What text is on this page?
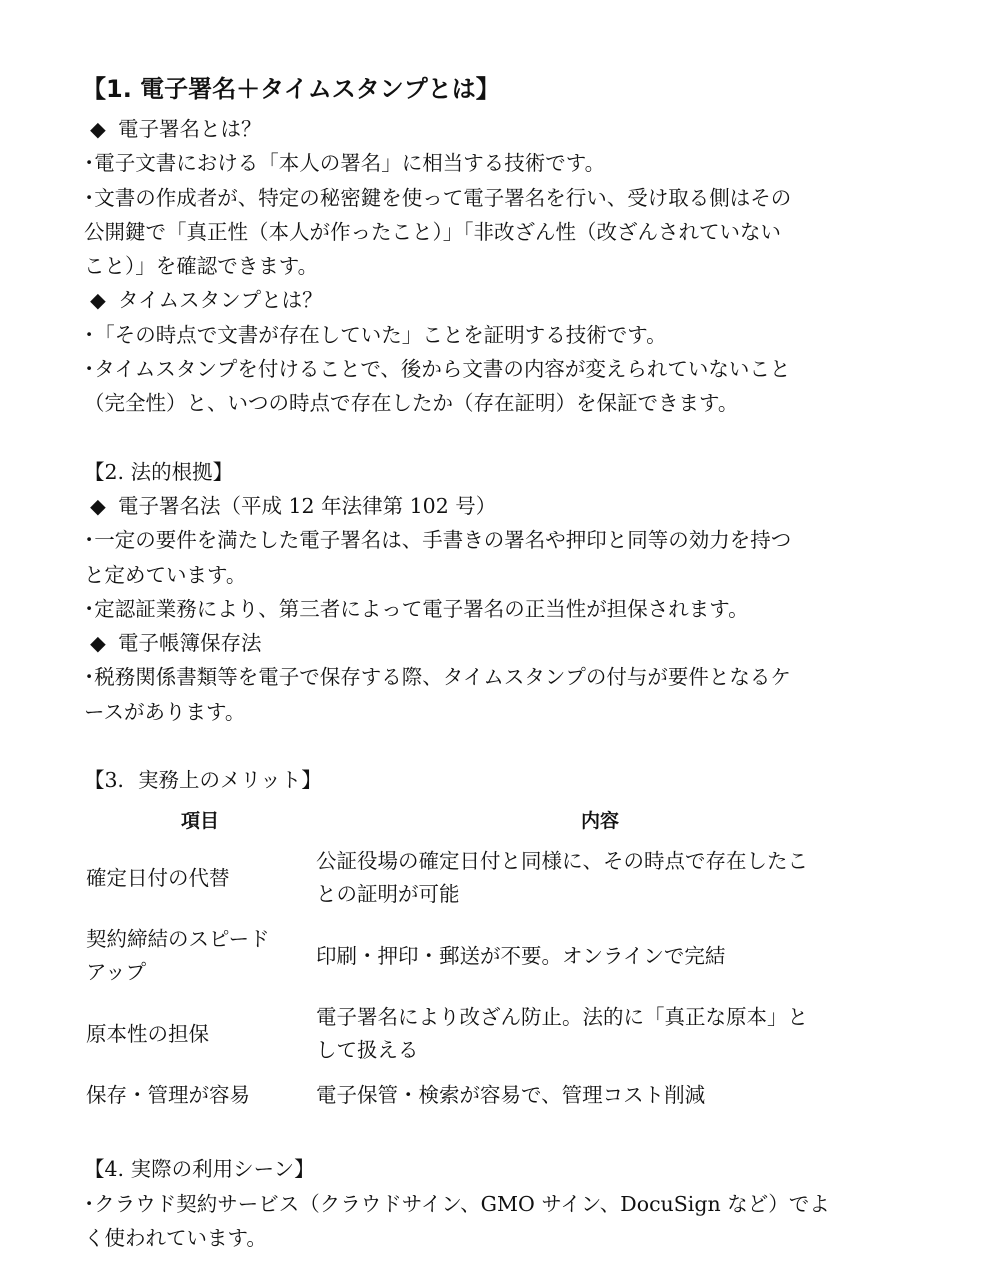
【1. 電子署名＋タイムスタンプとは】
◆ 電子署名とは？
･電子文書における「本人の署名」に相当する技術です。
･文書の作成者が、特定の秘密鍵を使って電子署名を行い、受け取る側はその
公開鍵で「真正性（本人が作ったこと）」「非改ざん性（改ざんされていない
こと）」を確認できます。
◆ タイムスタンプとは？
･「その時点で文書が存在していた」ことを証明する技術です。
･タイムスタンプを付けることで、後から文書の内容が変えられていないこと
（完全性）と、いつの時点で存在したか（存在証明）を保証できます。
【2. 法的根拠】
◆ 電子署名法（平成 12 年法律第 102 号）
･一定の要件を満たした電子署名は、手書きの署名や押印と同等の効力を持つ
と定めています。
･定認証業務により、第三者によって電子署名の正当性が担保されます。
◆ 電子帳簿保存法
･税務関係書類等を電子で保存する際、タイムスタンプの付与が要件となるケ
ースがあります。
【3．実務上のメリット】
項目	内容
確定日付の代替	公証役場の確定日付と同様に、その時点で存在したこ
との証明が可能
契約締結のスピード
アップ	印刷・押印・郵送が不要。オンラインで完結
原本性の担保	電子署名により改ざん防止。法的に「真正な原本」と
して扱える
保存・管理が容易	電子保管・検索が容易で、管理コスト削減
【4. 実際の利用シーン】
･クラウド契約サービス（クラウドサイン、GMO サイン、DocuSign など）でよ
く使われています。
